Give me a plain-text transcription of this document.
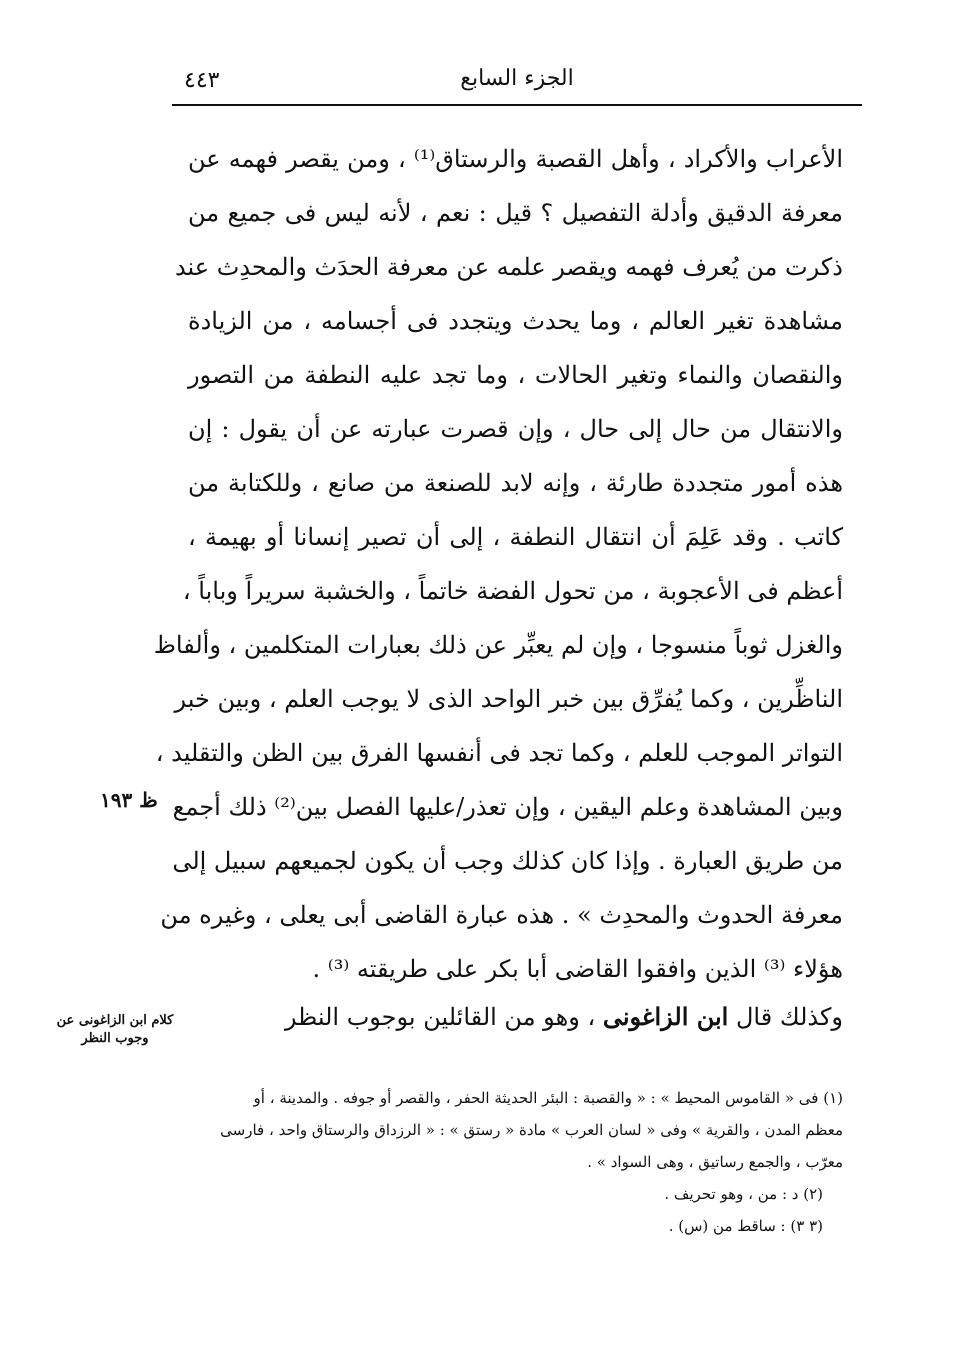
٤٤٣	الجزء السابع
الأعراب والأكراد ، وأهل القصبة والرستاق⁽¹⁾ ، ومن يقصر فهمه عن
معرفة الدقيق وأدلة التفصيل ؟ قيل : نعم ، لأنه ليس فى جميع من
ذكرت من يُعرف فهمه ويقصر علمه عن معرفة الحدَث والمحدِث عند
مشاهدة تغير العالم ، وما يحدث ويتجدد فى أجسامه ، من الزيادة
والنقصان والنماء وتغير الحالات ، وما تجد عليه النطفة من التصور
والانتقال من حال إلى حال ، وإن قصرت عبارته عن أن يقول : إن
هذه أمور متجددة طارئة ، وإنه لابد للصنعة من صانع ، وللكتابة من
كاتب . وقد عَلِمَ أن انتقال النطفة ، إلى أن تصير إنسانا أو بهيمة ،
أعظم فى الأعجوبة ، من تحول الفضة خاتماً ، والخشبة سريراً وباباً ،
والغزل ثوباً منسوجا ، وإن لم يعبِّر عن ذلك بعبارات المتكلمين ، وألفاظ
الناظِّرين ، وكما يُفرِّق بين خبر الواحد الذى لا يوجب العلم ، وبين خبر
التواتر الموجب للعلم ، وكما تجد فى أنفسها الفرق بين الظن والتقليد ،
وبين المشاهدة وعلم اليقين ، وإن تعذر/عليها الفصل بين⁽²⁾ ذلك أجمع
من طريق العبارة . وإذا كان كذلك وجب أن يكون لجميعهم سبيل إلى
معرفة الحدوث والمحدِث » . هذه عبارة القاضى أبى يعلى ، وغيره من
هؤلاء ⁽³⁾ الذين وافقوا القاضى أبا بكر على طريقته ⁽³⁾ .
ظ ١٩٣
وكذلك قال ابن الزاغونى ، وهو من القائلين بوجوب النظر
كلام ابن الزاغونى عن وجوب النظر
(١) فى « القاموس المحيط » : « والقصبة : البئر الحديثة الحفر ، والقصر أو جوفه . والمدينة ، أو
معظم المدن ، والقرية » وفى « لسان العرب » مادة « رستق » : « الرزداق والرستاق واحد ، فارسى
معرّب ، والجمع رساتيق ، وهى السواد » .
(٢) د : من ، وهو تحريف .
(٣ ٣) : ساقط من (س) .
